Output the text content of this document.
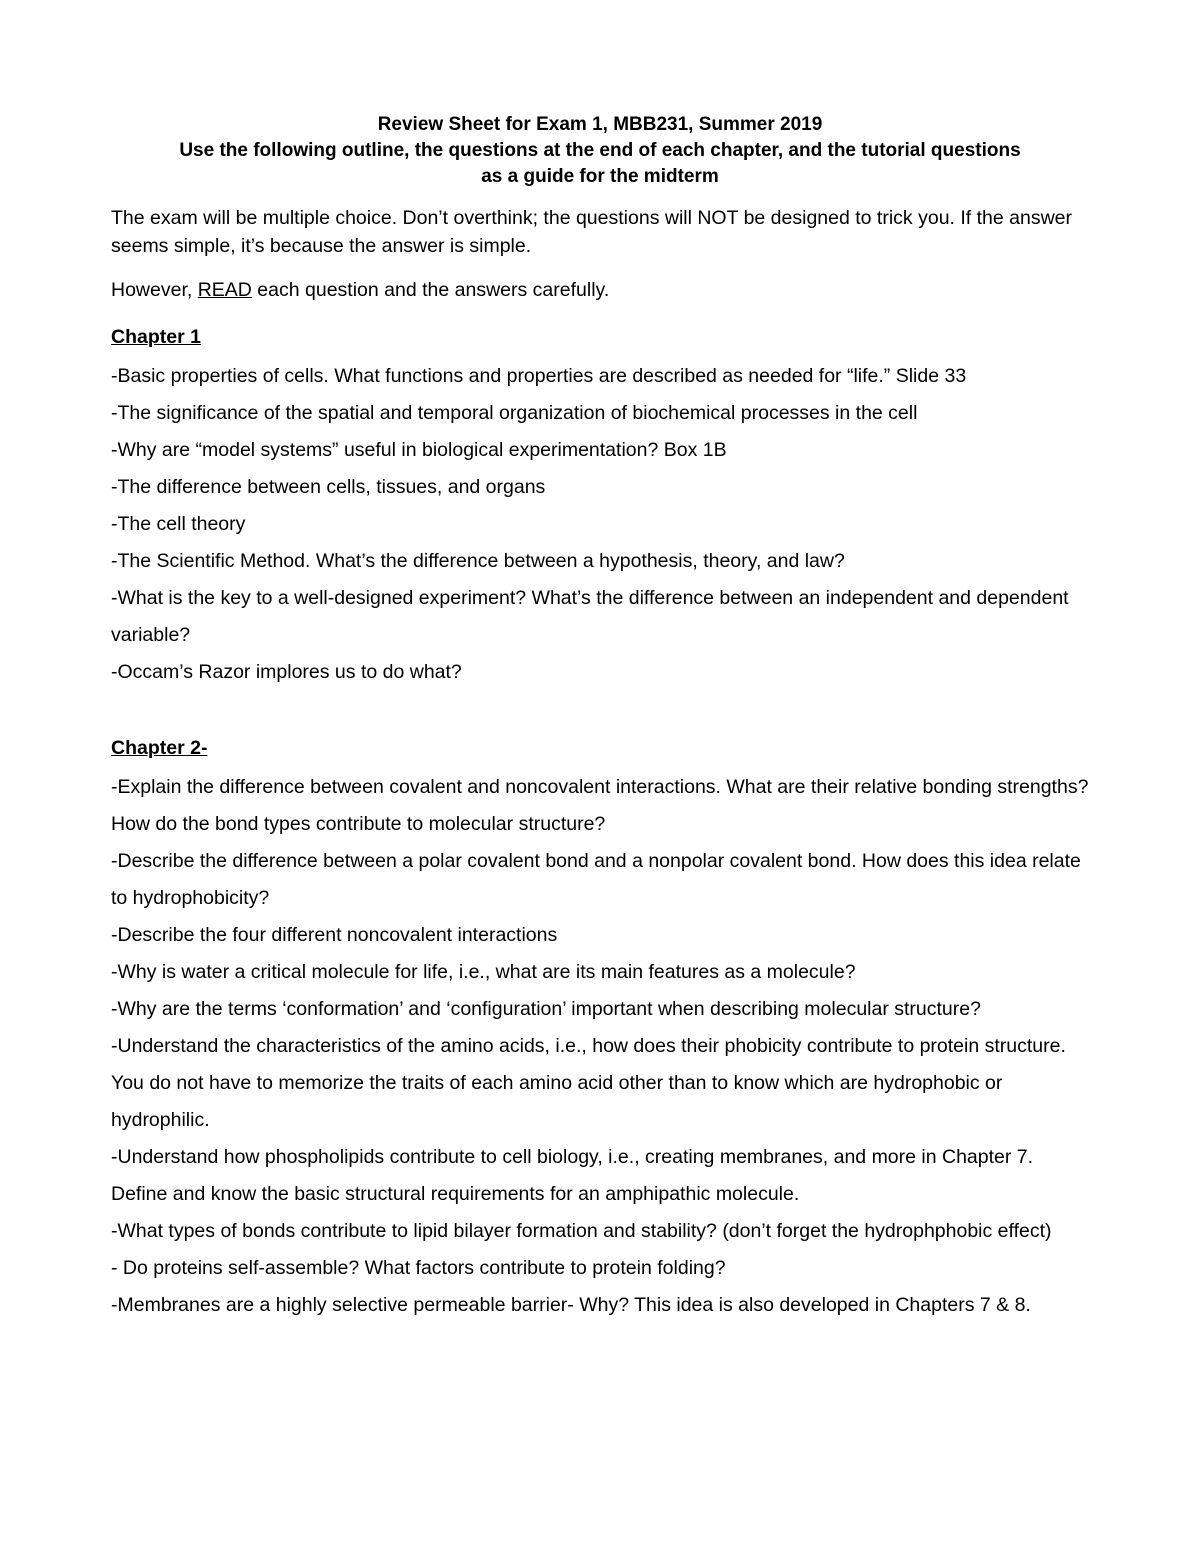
Review Sheet for Exam 1, MBB231, Summer 2019
Use the following outline, the questions at the end of each chapter, and the tutorial questions
as a guide for the midterm

The exam will be multiple choice. Don’t overthink; the questions will NOT be designed to trick you. If the answer seems simple, it’s because the answer is simple.

However, READ each question and the answers carefully.

Chapter 1

-Basic properties of cells. What functions and properties are described as needed for “life.” Slide 33

-The significance of the spatial and temporal organization of biochemical processes in the cell

-Why are “model systems” useful in biological experimentation? Box 1B

-The difference between cells, tissues, and organs

-The cell theory

-The Scientific Method. What’s the difference between a hypothesis, theory, and law?

-What is the key to a well-designed experiment? What’s the difference between an independent and dependent variable?

-Occam’s Razor implores us to do what?

Chapter 2-

-Explain the difference between covalent and noncovalent interactions. What are their relative bonding strengths? How do the bond types contribute to molecular structure?

-Describe the difference between a polar covalent bond and a nonpolar covalent bond. How does this idea relate to hydrophobicity?

-Describe the four different noncovalent interactions

-Why is water a critical molecule for life, i.e., what are its main features as a molecule?

-Why are the terms ‘conformation’ and ‘configuration’ important when describing molecular structure?

-Understand the characteristics of the amino acids, i.e., how does their phobicity contribute to protein structure. You do not have to memorize the traits of each amino acid other than to know which are hydrophobic or hydrophilic.

-Understand how phospholipids contribute to cell biology, i.e., creating membranes, and more in Chapter 7. Define and know the basic structural requirements for an amphipathic molecule.

-What types of bonds contribute to lipid bilayer formation and stability? (don’t forget the hydrophphobic effect)

- Do proteins self-assemble? What factors contribute to protein folding?

-Membranes are a highly selective permeable barrier- Why? This idea is also developed in Chapters 7 & 8.
